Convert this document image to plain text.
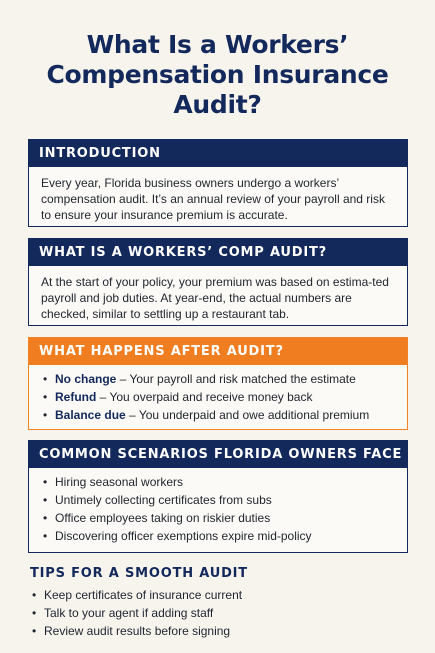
What Is a Workers’
Compensation Insurance
Audit?
INTRODUCTION
Every year, Florida business owners undergo a workers’ compensation audit. It’s an annual review of your payroll and risk to ensure your insurance premium is accurate.
WHAT IS A WORKERS’ COMP AUDIT?
At the start of your policy, your premium was based on estima-ted payroll and job duties. At year-end, the actual numbers are checked, similar to settling up a restaurant tab.
WHAT HAPPENS AFTER AUDIT?
• No change – Your payroll and risk matched the estimate
• Refund – You overpaid and receive money back
• Balance due – You underpaid and owe additional premium
COMMON SCENARIOS FLORIDA OWNERS FACE
• Hiring seasonal workers
• Untimely collecting certificates from subs
• Office employees taking on riskier duties
• Discovering officer exemptions expire mid-policy
TIPS FOR A SMOOTH AUDIT
• Keep certificates of insurance current
• Talk to your agent if adding staff
• Review audit results before signing
